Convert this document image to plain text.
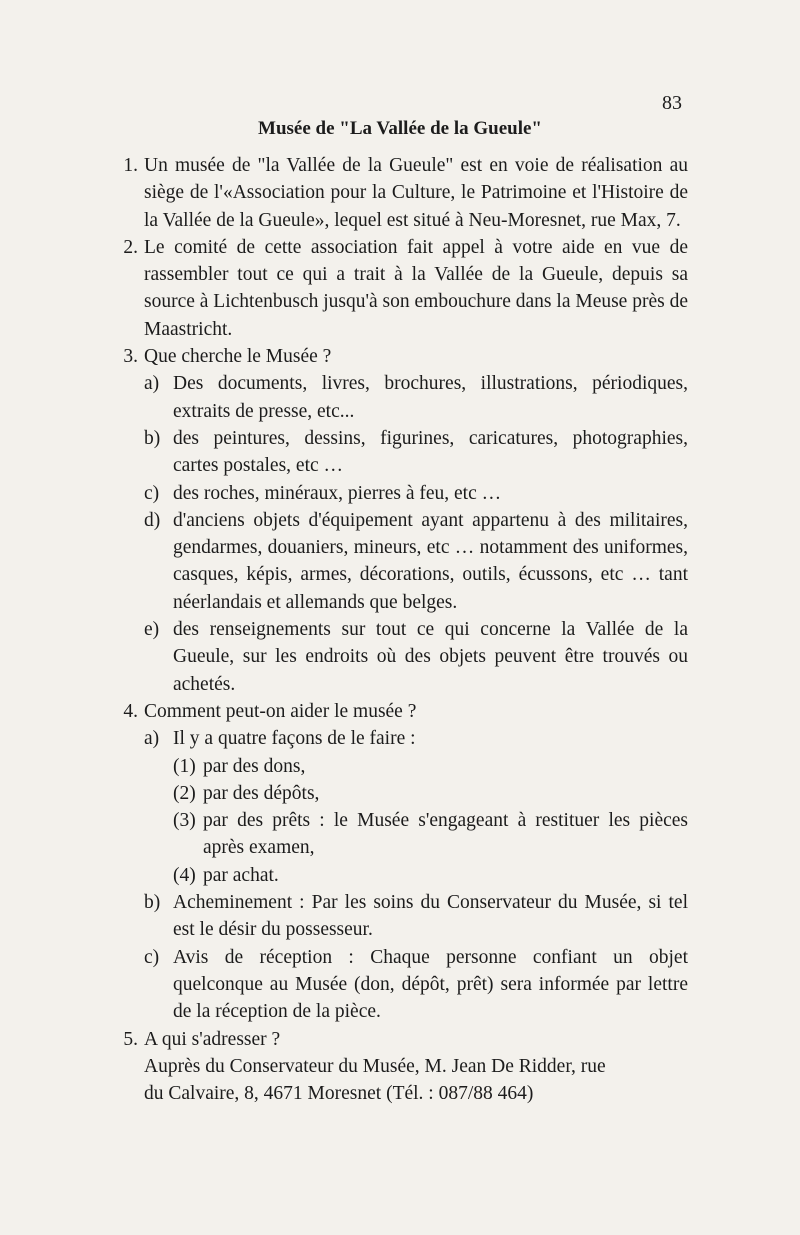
83
Musée de "La Vallée de la Gueule"
1. Un musée de "la Vallée de la Gueule" est en voie de réalisation au siège de l'«Association pour la Culture, le Patrimoine et l'Histoire de la Vallée de la Gueule», lequel est situé à Neu-Moresnet, rue Max, 7.
2. Le comité de cette association fait appel à votre aide en vue de rassembler tout ce qui a trait à la Vallée de la Gueule, depuis sa source à Lichtenbusch jusqu'à son embouchure dans la Meuse près de Maastricht.
3. Que cherche le Musée ?
a) Des documents, livres, brochures, illustrations, périodiques, extraits de presse, etc...
b) des peintures, dessins, figurines, caricatures, photographies, cartes postales, etc …
c) des roches, minéraux, pierres à feu, etc …
d) d'anciens objets d'équipement ayant appartenu à des militaires, gendarmes, douaniers, mineurs, etc … notamment des uniformes, casques, képis, armes, décorations, outils, écussons, etc … tant néerlandais et allemands que belges.
e) des renseignements sur tout ce qui concerne la Vallée de la Gueule, sur les endroits où des objets peuvent être trouvés ou achetés.
4. Comment peut-on aider le musée ?
a) Il y a quatre façons de le faire :
(1) par des dons,
(2) par des dépôts,
(3) par des prêts : le Musée s'engageant à restituer les pièces après examen,
(4) par achat.
b) Acheminement : Par les soins du Conservateur du Musée, si tel est le désir du possesseur.
c) Avis de réception : Chaque personne confiant un objet quelconque au Musée (don, dépôt, prêt) sera informée par lettre de la réception de la pièce.
5. A qui s'adresser ?
Auprès du Conservateur du Musée, M. Jean De Ridder, rue
du Calvaire, 8, 4671 Moresnet (Tél. : 087/88 464)
